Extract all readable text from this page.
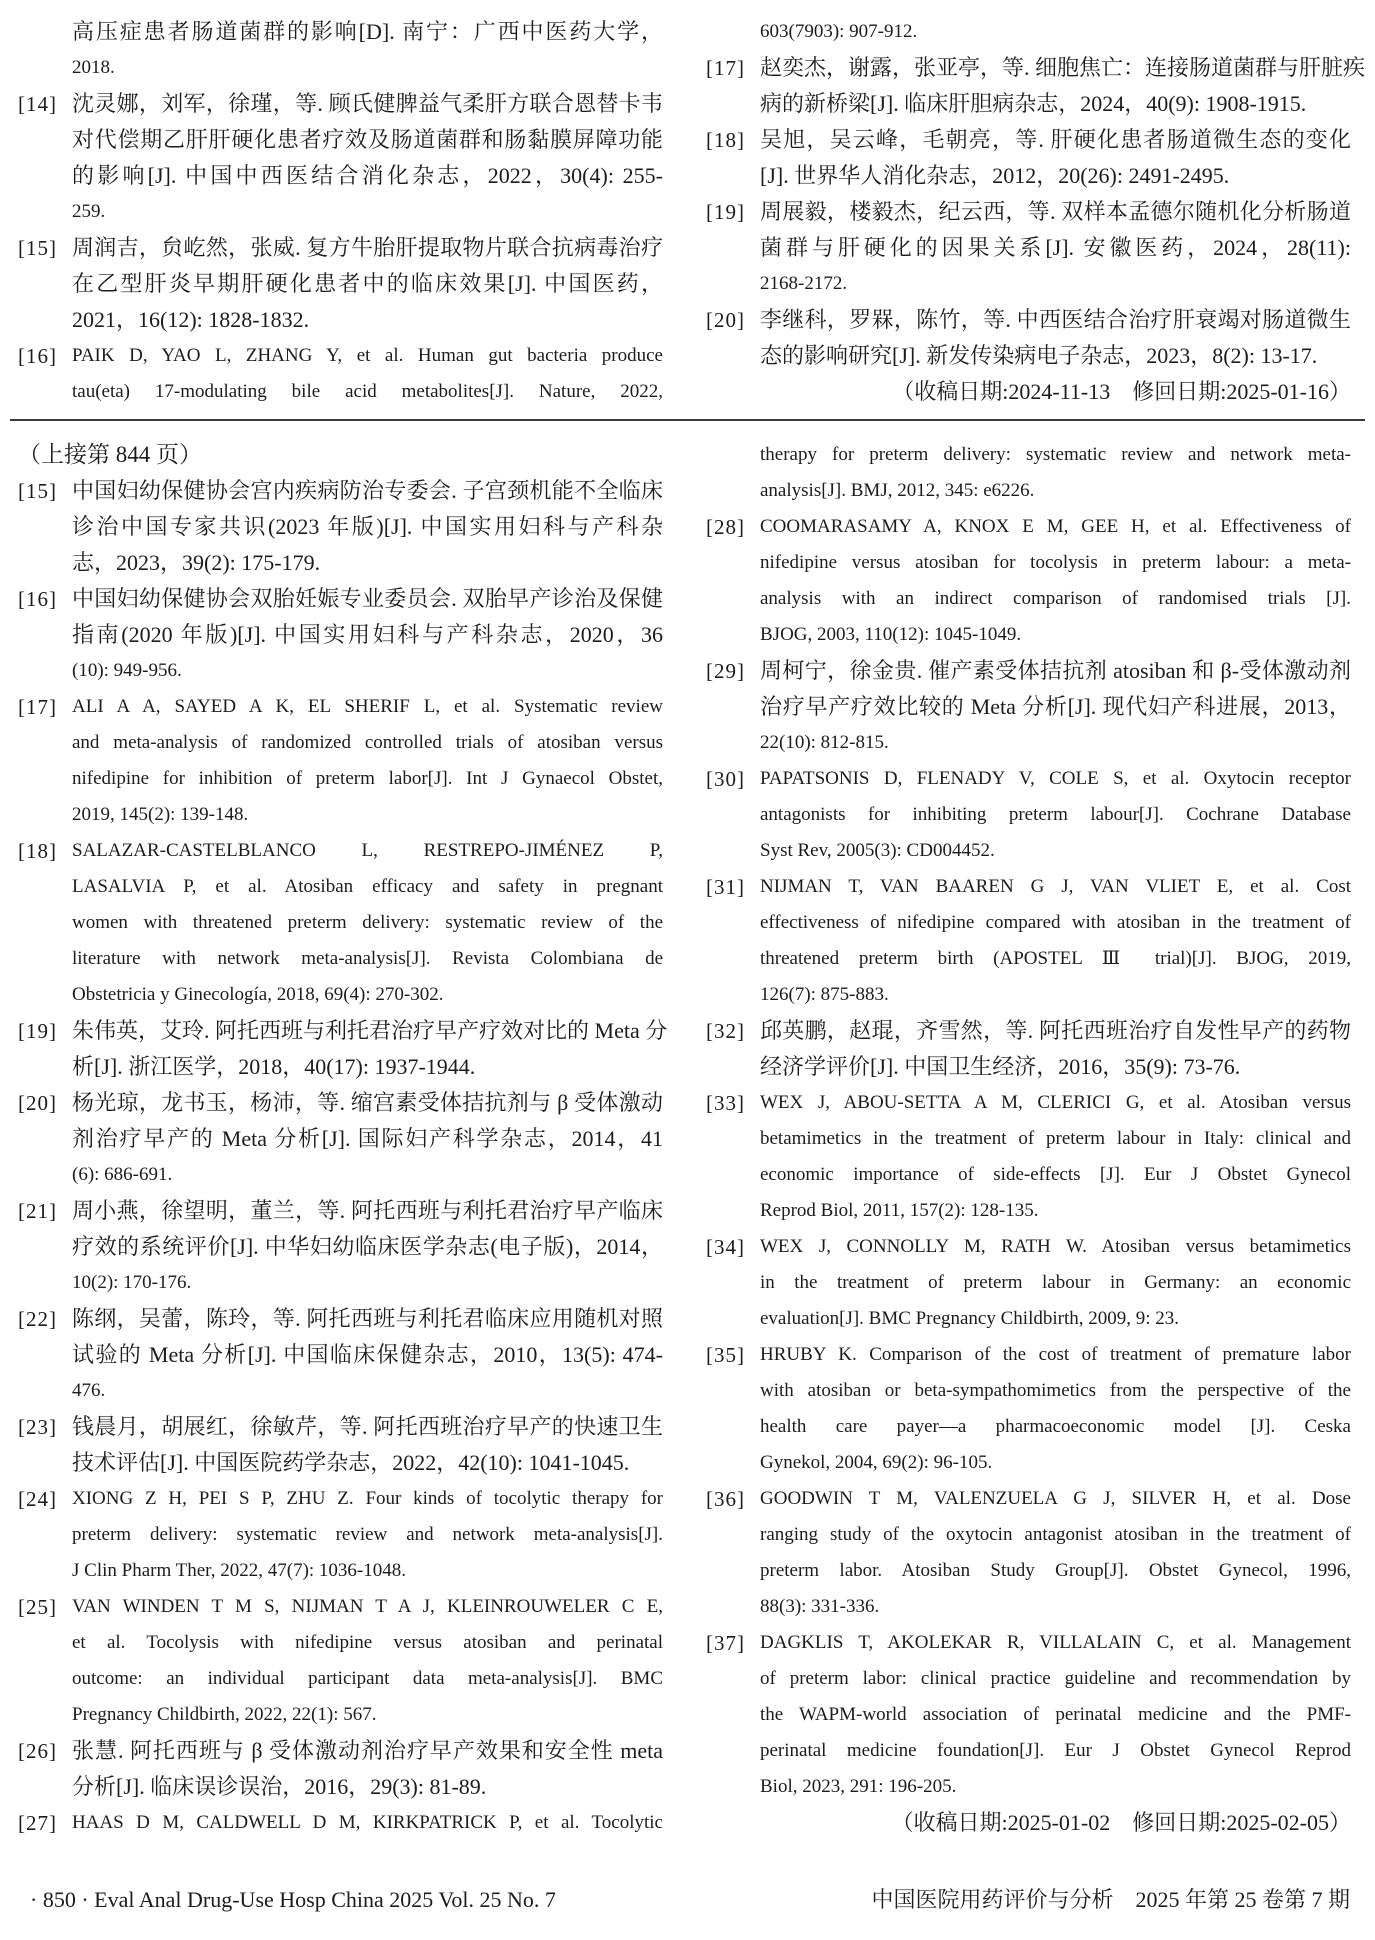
高压症患者肠道菌群的影响[D]. 南宁：广西中医药大学，
2018.
[14] 沈灵娜，刘军，徐瑾，等. 顾氏健脾益气柔肝方联合恩替卡韦
对代偿期乙肝肝硬化患者疗效及肠道菌群和肠黏膜屏障功能
的影响[J]. 中国中西医结合消化杂志，2022，30(4): 255-
259.
[15] 周润吉，贠屹然，张威. 复方牛胎肝提取物片联合抗病毒治疗
在乙型肝炎早期肝硬化患者中的临床效果[J]. 中国医药，
2021，16(12): 1828-1832.
[16] PAIK D, YAO L, ZHANG Y, et al. Human gut bacteria produce
tau(eta) 17-modulating bile acid metabolites[J]. Nature, 2022,
603(7903): 907-912.
[17] 赵奕杰，谢露，张亚亭，等. 细胞焦亡：连接肠道菌群与肝脏疾
病的新桥梁[J]. 临床肝胆病杂志，2024，40(9): 1908-1915.
[18] 吴旭，吴云峰，毛朝亮，等. 肝硬化患者肠道微生态的变化
[J]. 世界华人消化杂志，2012，20(26): 2491-2495.
[19] 周展毅，楼毅杰，纪云西，等. 双样本孟德尔随机化分析肠道
菌群与肝硬化的因果关系[J]. 安徽医药，2024，28(11):
2168-2172.
[20] 李继科，罗槑，陈竹，等. 中西医结合治疗肝衰竭对肠道微生
态的影响研究[J]. 新发传染病电子杂志，2023，8(2): 13-17.
（收稿日期:2024-11-13　修回日期:2025-01-16）
（上接第 844 页）
[15] 中国妇幼保健协会宫内疾病防治专委会. 子宫颈机能不全临床
诊治中国专家共识(2023 年版)[J]. 中国实用妇科与产科杂
志，2023，39(2): 175-179.
[16] 中国妇幼保健协会双胎妊娠专业委员会. 双胎早产诊治及保健
指南(2020 年版)[J]. 中国实用妇科与产科杂志，2020，36
(10): 949-956.
[17] ALI A A, SAYED A K, EL SHERIF L, et al. Systematic review
and meta-analysis of randomized controlled trials of atosiban versus
nifedipine for inhibition of preterm labor[J]. Int J Gynaecol Obstet,
2019, 145(2): 139-148.
[18] SALAZAR-CASTELBLANCO L, RESTREPO-JIMÉNEZ P,
LASALVIA P, et al. Atosiban efficacy and safety in pregnant
women with threatened preterm delivery: systematic review of the
literature with network meta-analysis[J]. Revista Colombiana de
Obstetricia y Ginecología, 2018, 69(4): 270-302.
[19] 朱伟英，艾玲. 阿托西班与利托君治疗早产疗效对比的 Meta 分
析[J]. 浙江医学，2018，40(17): 1937-1944.
[20] 杨光琼，龙书玉，杨沛，等. 缩宫素受体拮抗剂与 β 受体激动
剂治疗早产的 Meta 分析[J]. 国际妇产科学杂志，2014，41
(6): 686-691.
[21] 周小燕，徐望明，董兰，等. 阿托西班与利托君治疗早产临床
疗效的系统评价[J]. 中华妇幼临床医学杂志(电子版)，2014，
10(2): 170-176.
[22] 陈纲，吴蕾，陈玲，等. 阿托西班与利托君临床应用随机对照
试验的 Meta 分析[J]. 中国临床保健杂志，2010，13(5): 474-
476.
[23] 钱晨月，胡展红，徐敏芹，等. 阿托西班治疗早产的快速卫生
技术评估[J]. 中国医院药学杂志，2022，42(10): 1041-1045.
[24] XIONG Z H, PEI S P, ZHU Z. Four kinds of tocolytic therapy for
preterm delivery: systematic review and network meta-analysis[J].
J Clin Pharm Ther, 2022, 47(7): 1036-1048.
[25] VAN WINDEN T M S, NIJMAN T A J, KLEINROUWELER C E,
et al. Tocolysis with nifedipine versus atosiban and perinatal
outcome: an individual participant data meta-analysis[J]. BMC
Pregnancy Childbirth, 2022, 22(1): 567.
[26] 张慧. 阿托西班与 β 受体激动剂治疗早产效果和安全性 meta
分析[J]. 临床误诊误治，2016，29(3): 81-89.
[27] HAAS D M, CALDWELL D M, KIRKPATRICK P, et al. Tocolytic
therapy for preterm delivery: systematic review and network meta-
analysis[J]. BMJ, 2012, 345: e6226.
[28] COOMARASAMY A, KNOX E M, GEE H, et al. Effectiveness of
nifedipine versus atosiban for tocolysis in preterm labour: a meta-
analysis with an indirect comparison of randomised trials [J].
BJOG, 2003, 110(12): 1045-1049.
[29] 周柯宁，徐金贵. 催产素受体拮抗剂 atosiban 和 β-受体激动剂
治疗早产疗效比较的 Meta 分析[J]. 现代妇产科进展，2013，
22(10): 812-815.
[30] PAPATSONIS D, FLENADY V, COLE S, et al. Oxytocin receptor
antagonists for inhibiting preterm labour[J]. Cochrane Database
Syst Rev, 2005(3): CD004452.
[31] NIJMAN T, VAN BAAREN G J, VAN VLIET E, et al. Cost
effectiveness of nifedipine compared with atosiban in the treatment of
threatened preterm birth (APOSTEL Ⅲ trial)[J]. BJOG, 2019,
126(7): 875-883.
[32] 邱英鹏，赵琨，齐雪然，等. 阿托西班治疗自发性早产的药物
经济学评价[J]. 中国卫生经济，2016，35(9): 73-76.
[33] WEX J, ABOU-SETTA A M, CLERICI G, et al. Atosiban versus
betamimetics in the treatment of preterm labour in Italy: clinical and
economic importance of side-effects [J]. Eur J Obstet Gynecol
Reprod Biol, 2011, 157(2): 128-135.
[34] WEX J, CONNOLLY M, RATH W. Atosiban versus betamimetics
in the treatment of preterm labour in Germany: an economic
evaluation[J]. BMC Pregnancy Childbirth, 2009, 9: 23.
[35] HRUBY K. Comparison of the cost of treatment of premature labor
with atosiban or beta-sympathomimetics from the perspective of the
health care payer—a pharmacoeconomic model [J]. Ceska
Gynekol, 2004, 69(2): 96-105.
[36] GOODWIN T M, VALENZUELA G J, SILVER H, et al. Dose
ranging study of the oxytocin antagonist atosiban in the treatment of
preterm labor. Atosiban Study Group[J]. Obstet Gynecol, 1996,
88(3): 331-336.
[37] DAGKLIS T, AKOLEKAR R, VILLALAIN C, et al. Management
of preterm labor: clinical practice guideline and recommendation by
the WAPM-world association of perinatal medicine and the PMF-
perinatal medicine foundation[J]. Eur J Obstet Gynecol Reprod
Biol, 2023, 291: 196-205.
（收稿日期:2025-01-02　修回日期:2025-02-05）
· 850 · Eval Anal Drug-Use Hosp China 2025 Vol. 25 No. 7	中国医院用药评价与分析　2025 年第 25 卷第 7 期
